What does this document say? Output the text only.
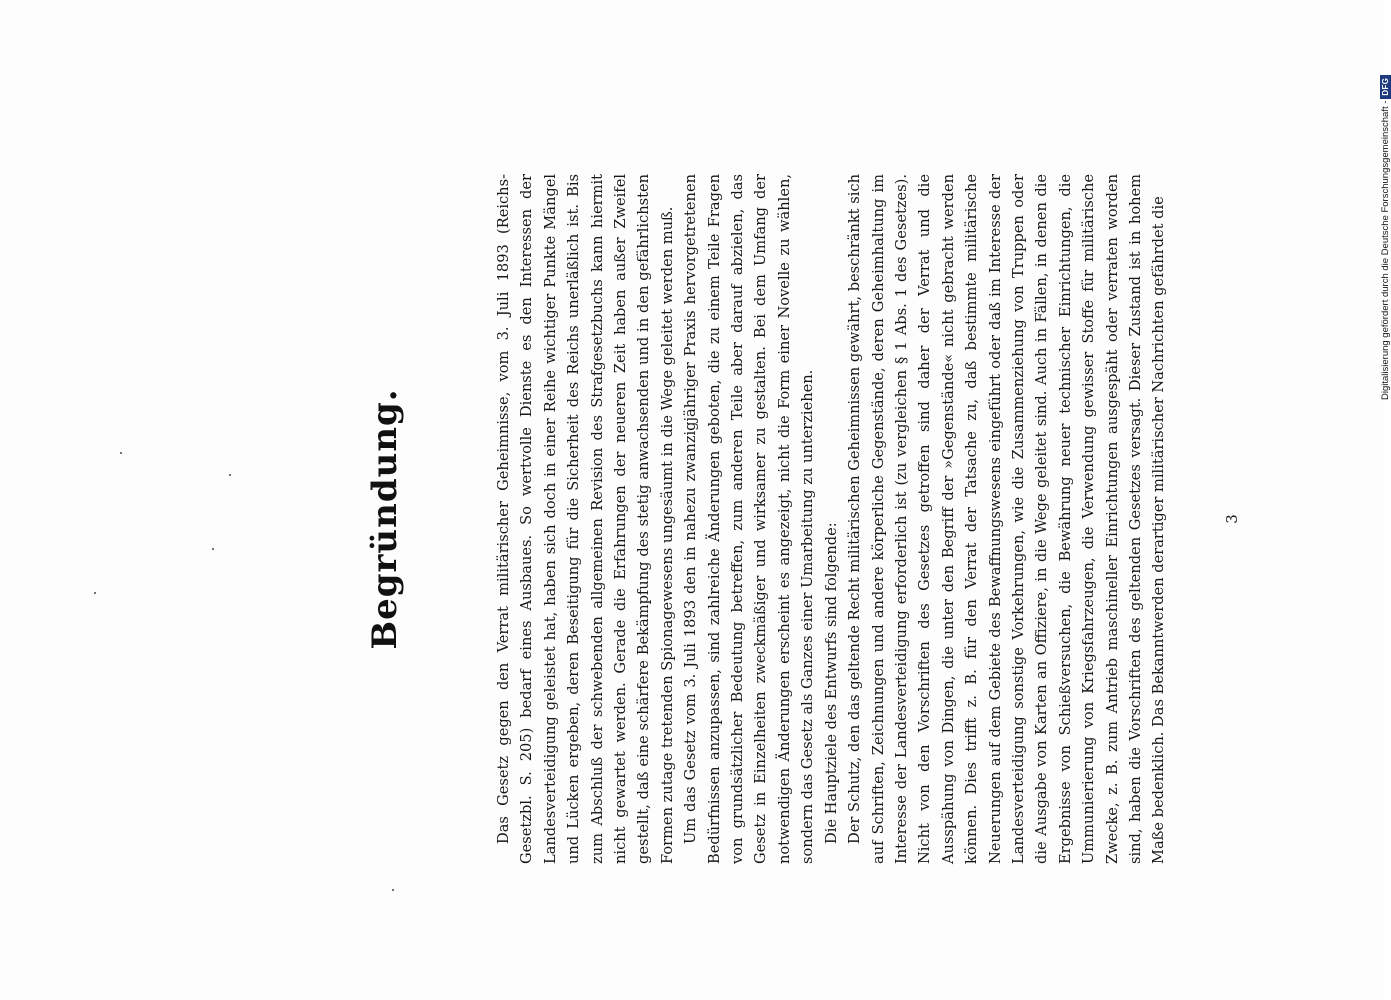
Begründung.	Das Gesetz gegen den Verrat militärischer Geheimnisse, vom 3. Juli 1893 (Reichs-Gesetzbl. S. 205) bedarf eines Ausbaues. So wertvolle Dienste es den Interessen der Landesverteidigung geleistet hat, haben sich doch in einer Reihe wichtiger Punkte Mängel und Lücken ergeben, deren Beseitigung für die Sicherheit des Reichs unerläßlich ist. Bis zum Abschluß der schwebenden allgemeinen Revision des Strafgesetzbuchs kann hiermit nicht gewartet werden. Gerade die Erfahrungen der neueren Zeit haben außer Zweifel gestellt, daß eine schärfere Bekämpfung des stetig anwachsenden und in den gefährlichsten Formen zutage tretenden Spionagewesens ungesäumt in die Wege geleitet werden muß. Um das Gesetz vom 3. Juli 1893 den in nahezu zwanzigjähriger Praxis hervorgetretenen Bedürfnissen anzupassen, sind zahlreiche Änderungen geboten, die zu einem Teile Fragen von grundsätzlicher Bedeutung betreffen, zum anderen Teile aber darauf abzielen, das Gesetz in Einzelheiten zweckmäßiger und wirksamer zu gestalten. Bei dem Umfang der notwendigen Änderungen erscheint es angezeigt, nicht die Form einer Novelle zu wählen, sondern das Gesetz als Ganzes einer Umarbeitung zu unterziehen. Die Hauptziele des Entwurfs sind folgende: Der Schutz, den das geltende Recht militärischen Geheimnissen gewährt, beschränkt sich auf Schriften, Zeichnungen und andere körperliche Gegenstände, deren Geheimhaltung im Interesse der Landesverteidigung erforderlich ist (zu vergleichen § 1 Abs. 1 des Gesetzes). Nicht von den Vorschriften des Gesetzes getroffen sind daher der Verrat und die Ausspähung von Dingen, die unter den Begriff der »Gegenstände« nicht gebracht werden können. Dies trifft z. B. für den Verrat der Tatsache zu, daß bestimmte militärische Neuerungen auf dem Gebiete des Bewaffnungswesens eingeführt oder daß im Interesse der Landesverteidigung sonstige Vorkehrungen, wie die Zusammenziehung von Truppen oder die Ausgabe von Karten an Offiziere, in die Wege geleitet sind. Auch in Fällen, in denen die Ergebnisse von Schießversuchen, die Bewährung neuer technischer Einrichtungen, die Ummunierierung von Kriegsfahrzeugen, die Verwendung gewisser Stoffe für militärische Zwecke, z. B. zum Antrieb maschineller Einrichtungen ausgespäht oder verraten worden sind, haben die Vorschriften des geltenden Gesetzes versagt. Dieser Zustand ist in hohem Maße bedenklich. Das Bekanntwerden derartiger militärischer Nachrichten gefährdet die	3
Digitalisierung gefördert durch die Deutsche Forschungsgemeinschaft -
DFG
